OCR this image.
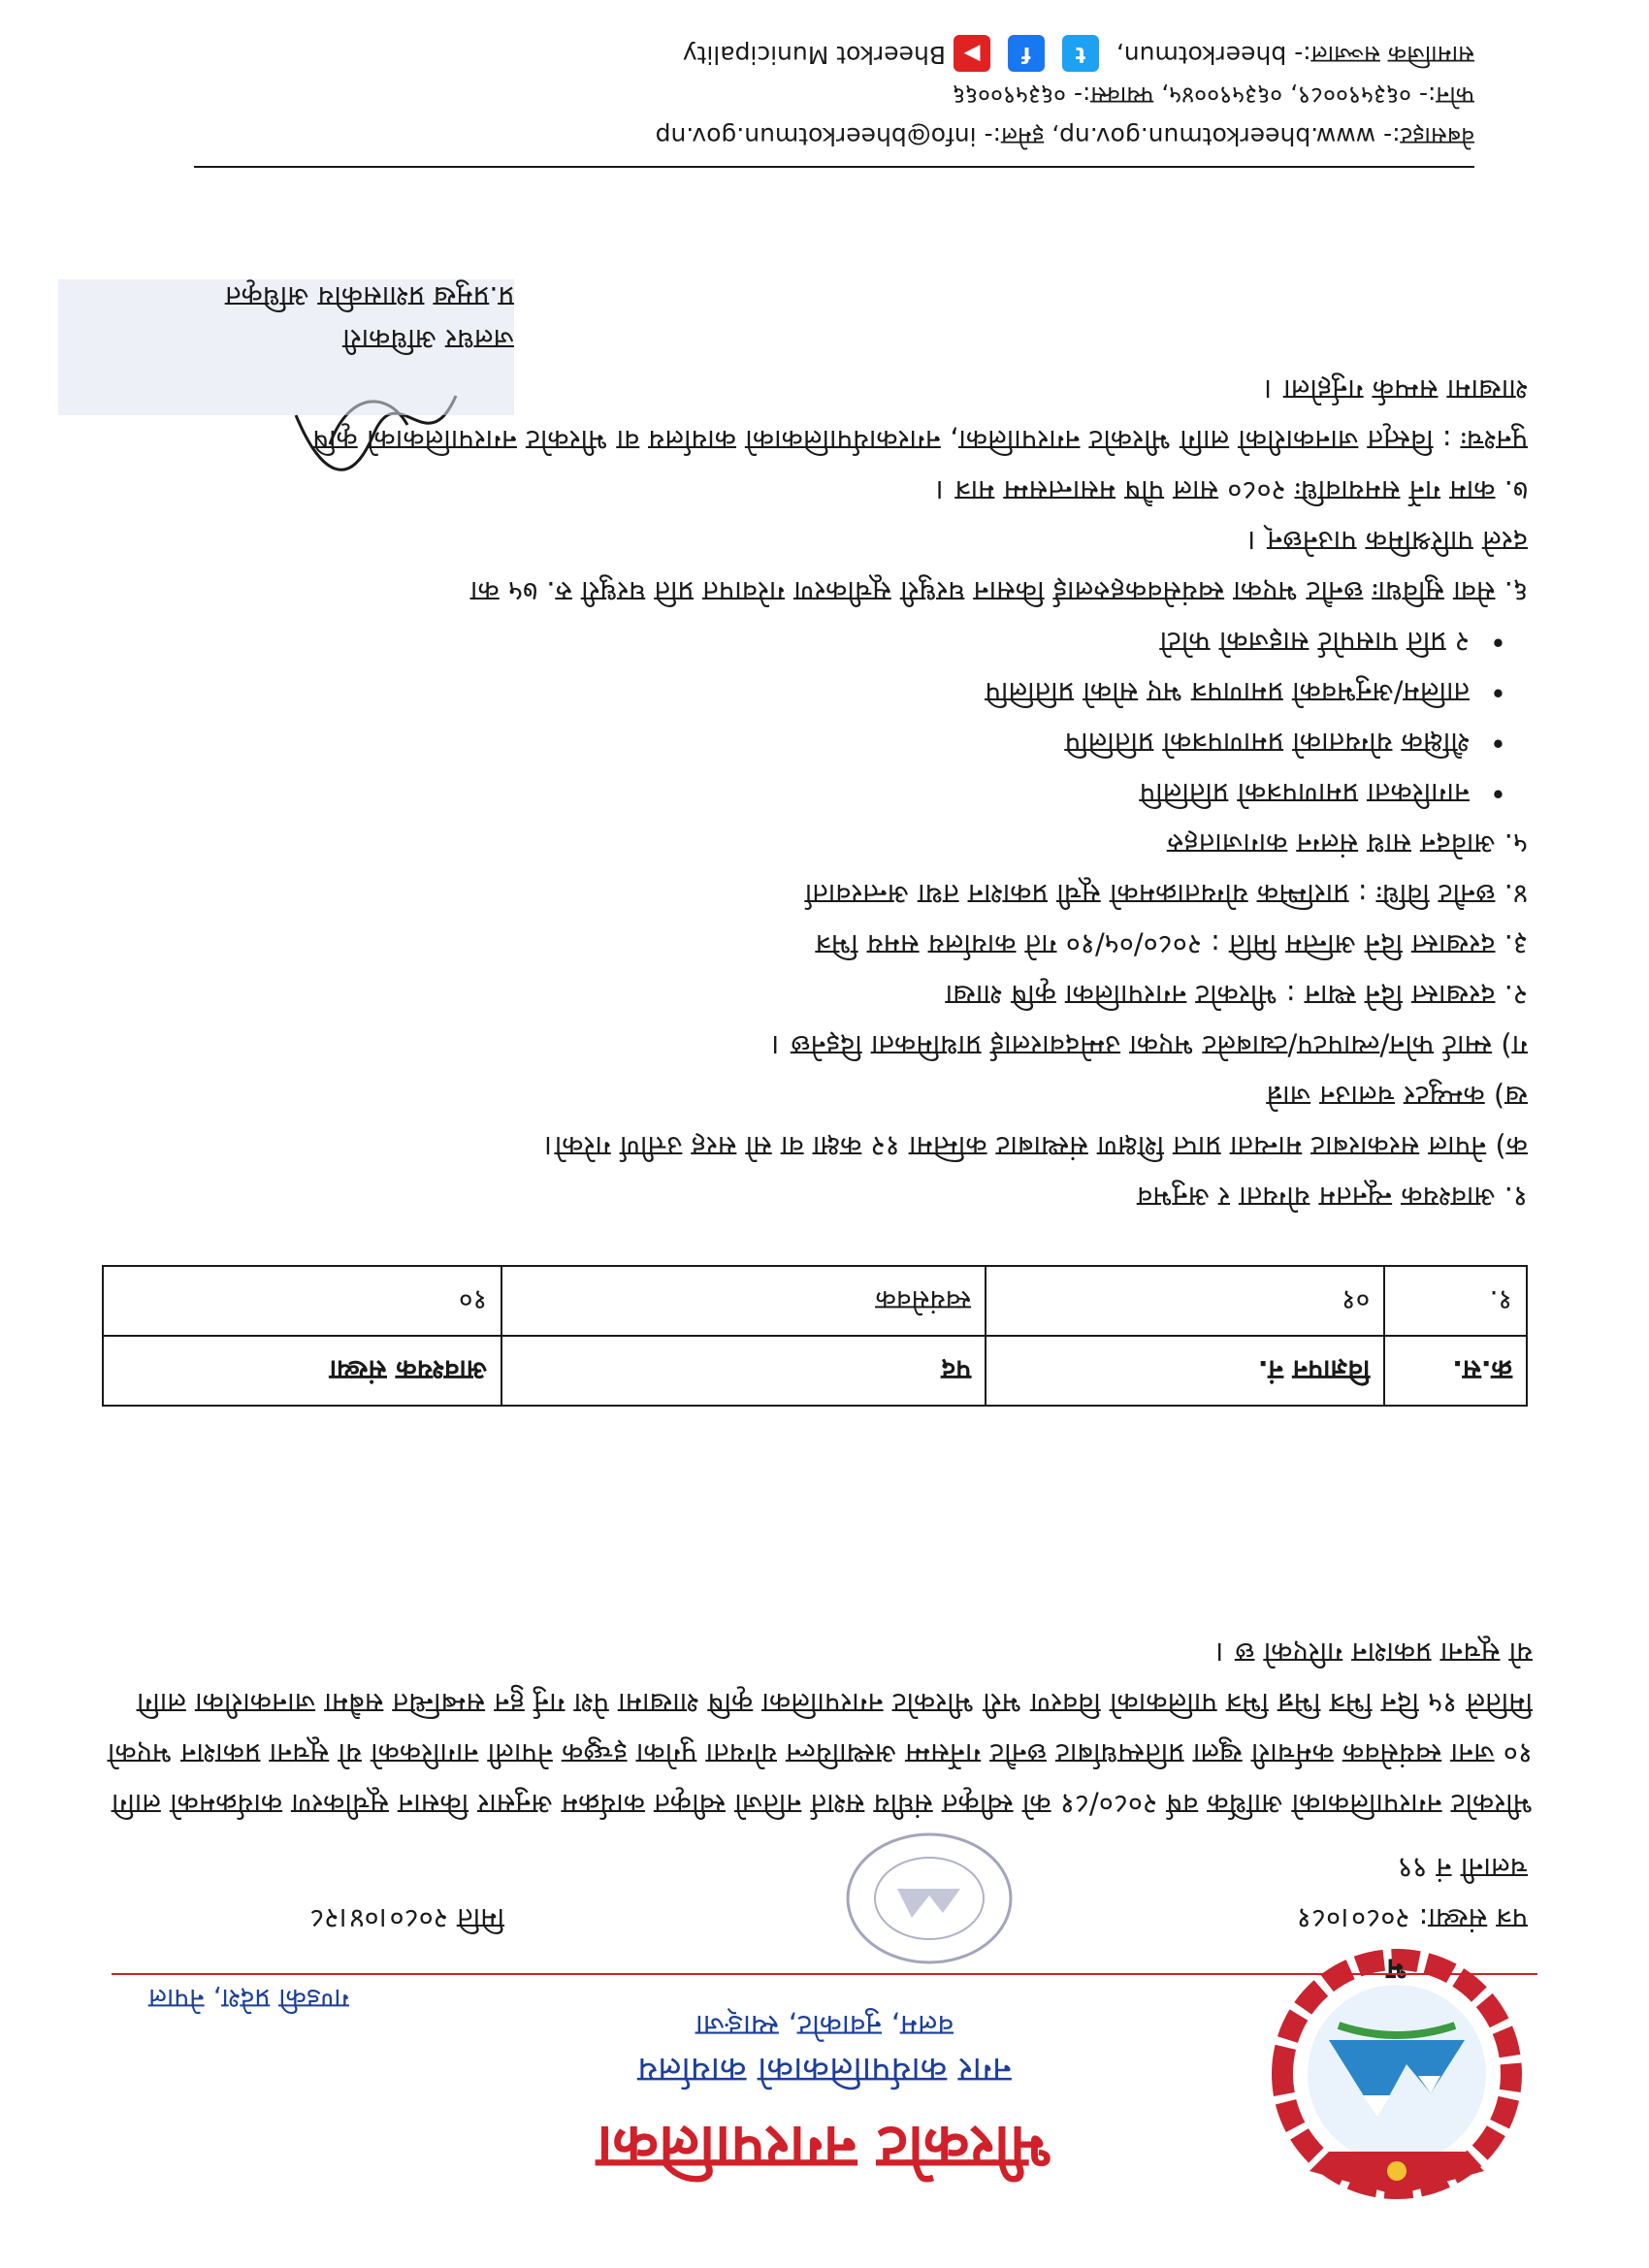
भ
भीरकोट नगरपालिका
नगर कार्यपालिकाको कार्यालय
वलम, नुवाकोट, स्याङ्जा
गण्डकी प्रदेश, नेपाल
पत्र संख्या: २०८०।०८१
मिति २०८०।०४।२८
चलानी नं ९९
भीरकोट नगरपालिकाको आर्थिक वर्ष २०८०/८१ को स्वीकृत संघीय सशर्त नतिजो स्वीकृत कार्यक्रम अनुसार किसान सूचीकरण कार्यक्रमको लागि १० जना स्वयंसेवक कर्मचारी खुला प्रतिस्पर्धाबाट छनौट गर्नेसम्म अस्थायिल्न योग्यता पुगेका इच्छुक नेपाली नागरिकको यो सूचना प्रकाशन भएको मितिले १५ दिन भित्र भिन्न भित्र पालिकाको विवरण भरी भीरकोट नगरपालिका कृषि शाखामा पेश गर्नु हुन सम्बन्धित सबैमा जानकारीका लागि यो सूचना प्रकाशन गरिएको छ ।
क्र.स.	विज्ञापन नं.	पद	आवश्यक संख्या
१.	०१	स्वयंसेवक	१०
१. आवश्यक न्यूनतम योग्यता र अनुभव
क) नेपाल सरकारबाट मान्यता प्राप्त शिक्षण संस्थाबाट कम्तिमा १२ कक्षा वा सो सरह उत्तीर्ण गरेको।
ख) कम्प्युटर चलाउन जान्ने
ग) स्मार्ट फोन/ल्यापटप/ट्याबलेट भएका उम्मेदवारलाई प्राथमिकता दिइनेछ ।
२. दरखास्त दिने स्थान : भीरकोट नगरपालिका कृषि शाखा
३. दरखास्त दिने अन्तिम मिति : २०८०/०५/१० गते कार्यालय समय भित्र
४. छनौट विधिः : प्रारम्भिक योग्यताक्रमको सूची प्रकाशन तथा अन्तरवार्ता
५. आवेदन साथ संलग्न कागजातहरु
• नागरिकता प्रमाणपत्रको प्रतिलिपि
• शैक्षिक योग्यताको प्रमाणपत्रको प्रतिलिपि
• तालिम/अनुभवको प्रमाणपत्र भए सोको प्रतिलिपि
• २ प्रति पासपोर्ट साइजको फोटो
६. सेवा सुविधाः छनौट भएका स्वयंसेवकहरुलाई किसान घरधुरी सूचीकरण गरेवापत प्रति घरधुरी रु. ७५ का
दरले पारिश्रमिक पाउनेछन् ।
७. काम गर्ने समयावधिः २०८० साल पौष मसान्तसम्म मात्र ।
पुनश्चः : विस्तृत जानकारीको लागि भीरकोट नगरपालिका, नगरकार्यपालिकाको कार्यालय वा भीरकोट नगरपालिकाको कृषि
शाखामा सम्पर्क गर्नुहोला ।
जलधर अधिकारी
प्र.प्रमुख प्रशासकीय अधिकृत
वेबसाइट:- www.bheerkotmun.gov.np, इमेल:- info@bheerkotmun.gov.np
फोन:- ०६३५९००८९, ०६३५९००४५, फ्याक्स:- ०६३५९००६६
सामाजिक सञ्जाल:- bheerkotmun, t f ▶ Bheerkot Municipality
